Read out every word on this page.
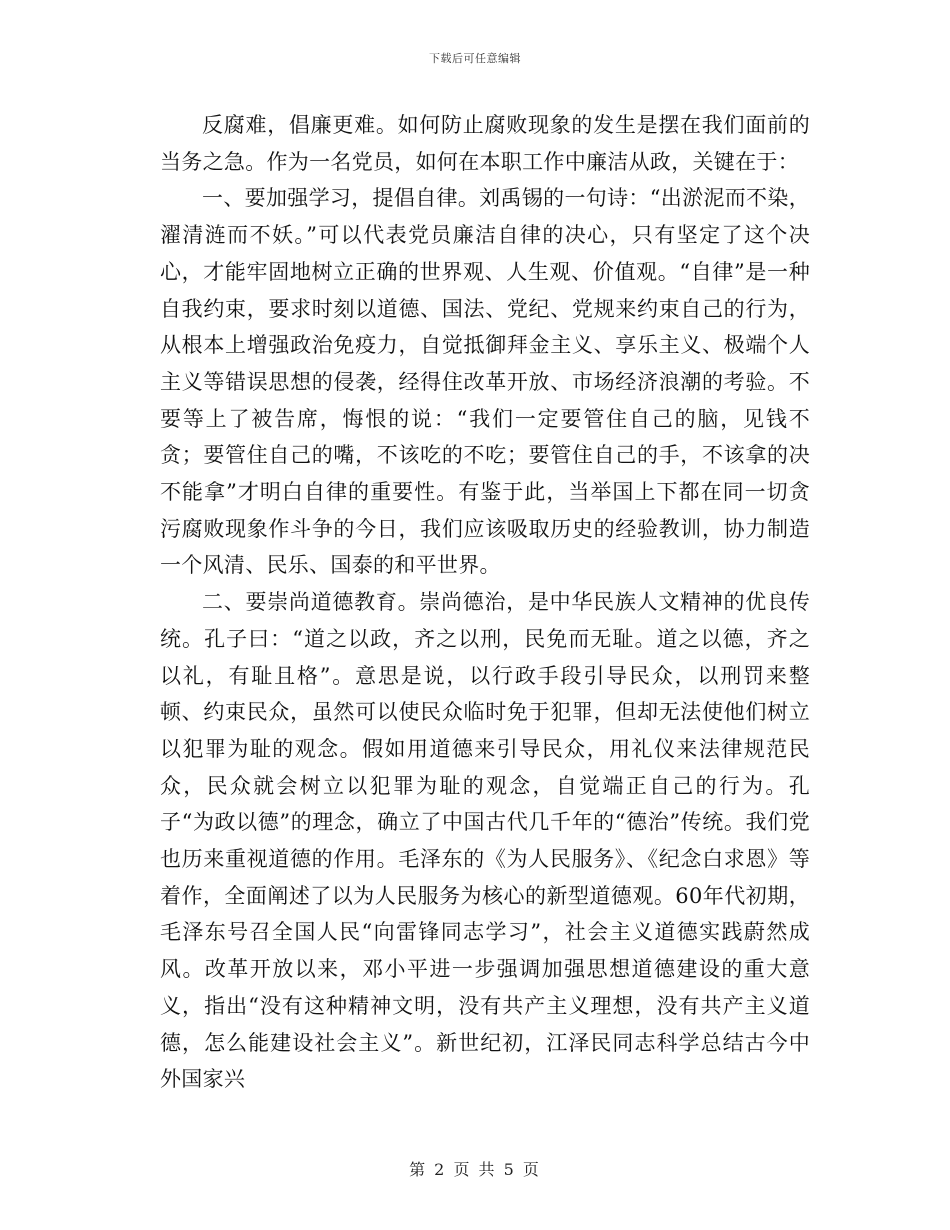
下载后可任意编辑

反腐难，倡廉更难。如何防止腐败现象的发生是摆在我们面前的当务之急。作为一名党员，如何在本职工作中廉洁从政，关键在于：

一、要加强学习，提倡自律。刘禹锡的一句诗：“出淤泥而不染，濯清涟而不妖。”可以代表党员廉洁自律的决心，只有坚定了这个决心，才能牢固地树立正确的世界观、人生观、价值观。“自律”是一种自我约束，要求时刻以道德、国法、党纪、党规来约束自己的行为，从根本上增强政治免疫力，自觉抵御拜金主义、享乐主义、极端个人主义等错误思想的侵袭，经得住改革开放、市场经济浪潮的考验。不要等上了被告席，悔恨的说：“我们一定要管住自己的脑，见钱不贪；要管住自己的嘴，不该吃的不吃；要管住自己的手，不该拿的决不能拿”才明白自律的重要性。有鉴于此，当举国上下都在同一切贪污腐败现象作斗争的今日，我们应该吸取历史的经验教训，协力制造一个风清、民乐、国泰的和平世界。

二、要崇尚道德教育。崇尚德治，是中华民族人文精神的优良传统。孔子曰：“道之以政，齐之以刑，民免而无耻。道之以德，齐之以礼，有耻且格”。意思是说，以行政手段引导民众，以刑罚来整顿、约束民众，虽然可以使民众临时免于犯罪，但却无法使他们树立以犯罪为耻的观念。假如用道德来引导民众，用礼仪来法律规范民众，民众就会树立以犯罪为耻的观念，自觉端正自己的行为。孔子“为政以德”的理念，确立了中国古代几千年的“德治”传统。我们党也历来重视道德的作用。毛泽东的《为人民服务》、《纪念白求恩》等着作，全面阐述了以为人民服务为核心的新型道德观。60年代初期，毛泽东号召全国人民“向雷锋同志学习”，社会主义道德实践蔚然成风。改革开放以来，邓小平进一步强调加强思想道德建设的重大意义，指出“没有这种精神文明，没有共产主义理想，没有共产主义道德，怎么能建设社会主义”。新世纪初，江泽民同志科学总结古今中外国家兴

第 2 页 共 5 页
